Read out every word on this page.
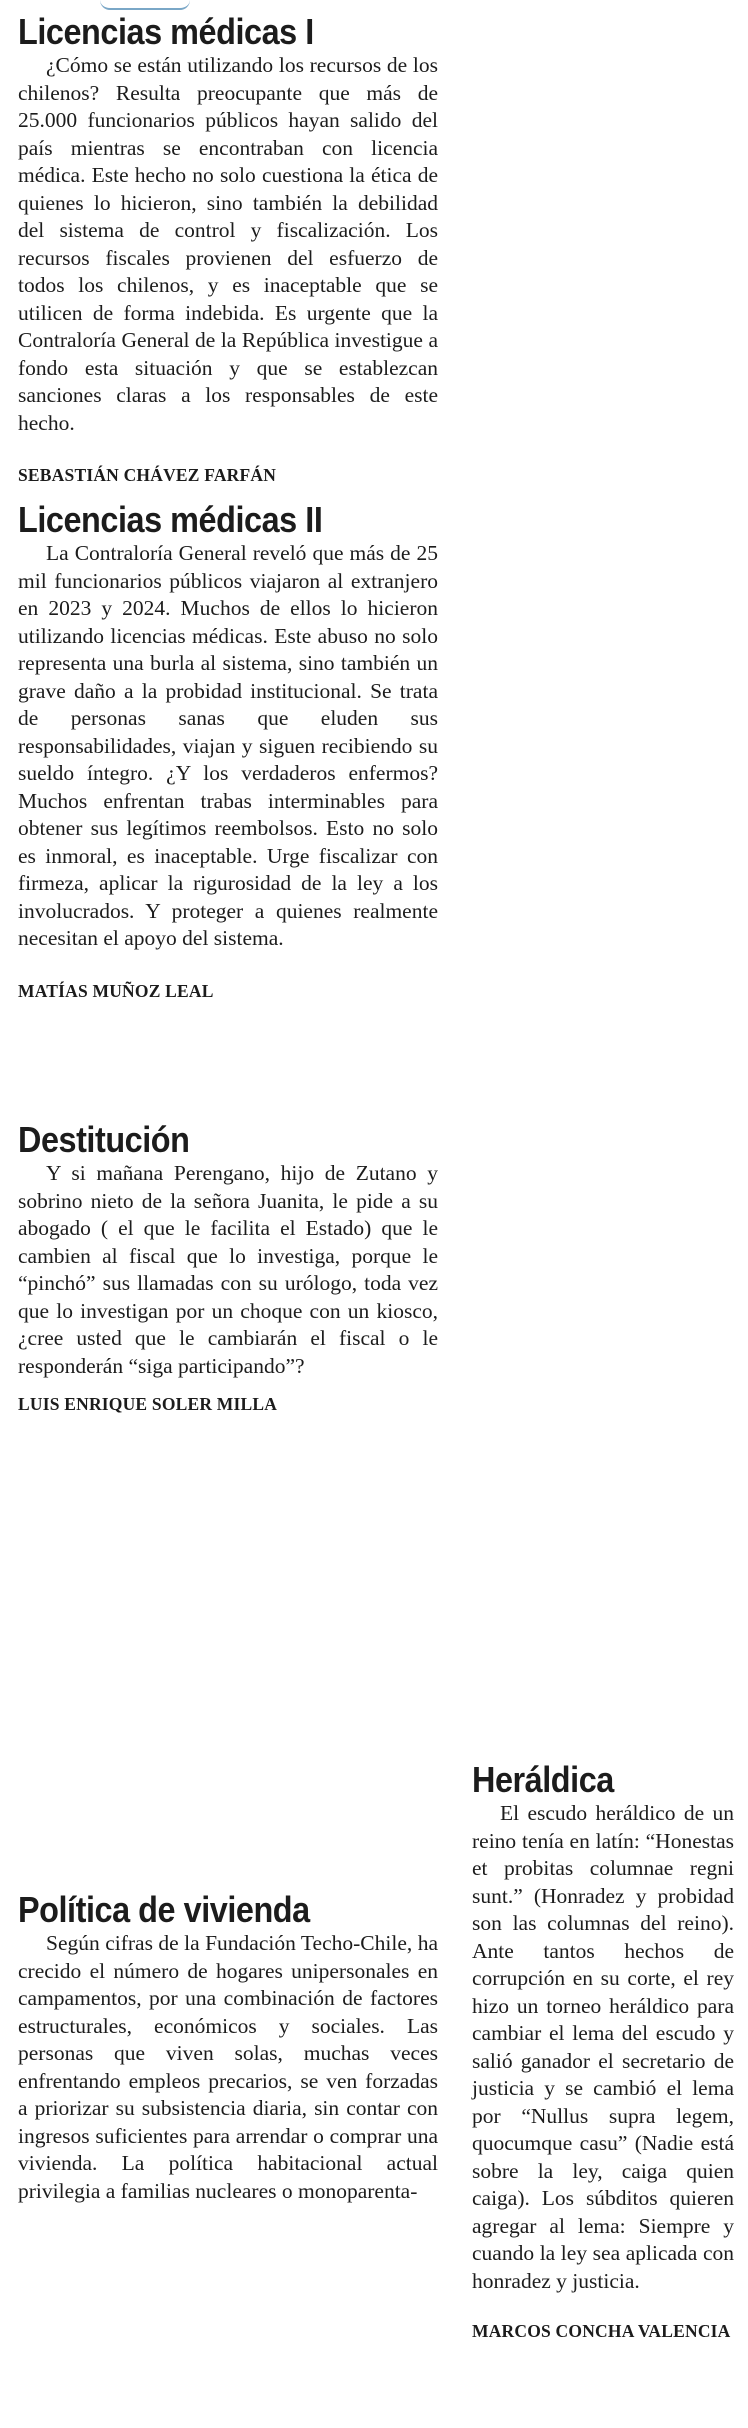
Licencias médicas I

¿Cómo se están utilizando los recursos de los chilenos? Resulta preocupante que más de 25.000 funcionarios públicos hayan salido del país mientras se encontraban con licencia médica. Este hecho no solo cuestiona la ética de quienes lo hicieron, sino también la debilidad del sistema de control y fiscalización. Los recursos fiscales provienen del esfuerzo de todos los chilenos, y es inaceptable que se utilicen de forma indebida. Es urgente que la Contraloría General de la República investigue a fondo esta situación y que se establezcan sanciones claras a los responsables de este hecho.

SEBASTIÁN CHÁVEZ FARFÁN

Licencias médicas II

La Contraloría General reveló que más de 25 mil funcionarios públicos viajaron al extranjero en 2023 y 2024. Muchos de ellos lo hicieron utilizando licencias médicas. Este abuso no solo representa una burla al sistema, sino también un grave daño a la probidad institucional. Se trata de personas sanas que eluden sus responsabilidades, viajan y siguen recibiendo su sueldo íntegro. ¿Y los verdaderos enfermos? Muchos enfrentan trabas interminables para obtener sus legítimos reembolsos. Esto no solo es inmoral, es inaceptable. Urge fiscalizar con firmeza, aplicar la rigurosidad de la ley a los involucrados. Y proteger a quienes realmente necesitan el apoyo del sistema.

MATÍAS MUÑOZ LEAL

Destitución

Y si mañana Perengano, hijo de Zutano y sobrino nieto de la señora Juanita, le pide a su abogado ( el que le facilita el Estado) que le cambien al fiscal que lo investiga, porque le “pinchó” sus llamadas con su urólogo, toda vez que lo investigan por un choque con un kiosco, ¿cree usted que le cambiarán el fiscal o le responderán “siga participando”?

LUIS ENRIQUE SOLER MILLA

Política de vivienda

Según cifras de la Fundación Techo-Chile, ha crecido el número de hogares unipersonales en campamentos, por una combinación de factores estructurales, económicos y sociales. Las personas que viven solas, muchas veces enfrentando empleos precarios, se ven forzadas a priorizar su subsistencia diaria, sin contar con ingresos suficientes para arrendar o comprar una vivienda. La política habitacional actual privilegia a familias nucleares o monoparenta-

Heráldica

El escudo heráldico de un reino tenía en latín: “Honestas et probitas columnae regni sunt.” (Honradez y probidad son las columnas del reino). Ante tantos hechos de corrupción en su corte, el rey hizo un torneo heráldico para cambiar el lema del escudo y salió ganador el secretario de justicia y se cambió el lema por “Nullus supra legem, quocumque casu” (Nadie está sobre la ley, caiga quien caiga). Los súbditos quieren agregar al lema: Siempre y cuando la ley sea aplicada con honradez y justicia.

MARCOS CONCHA VALENCIA
